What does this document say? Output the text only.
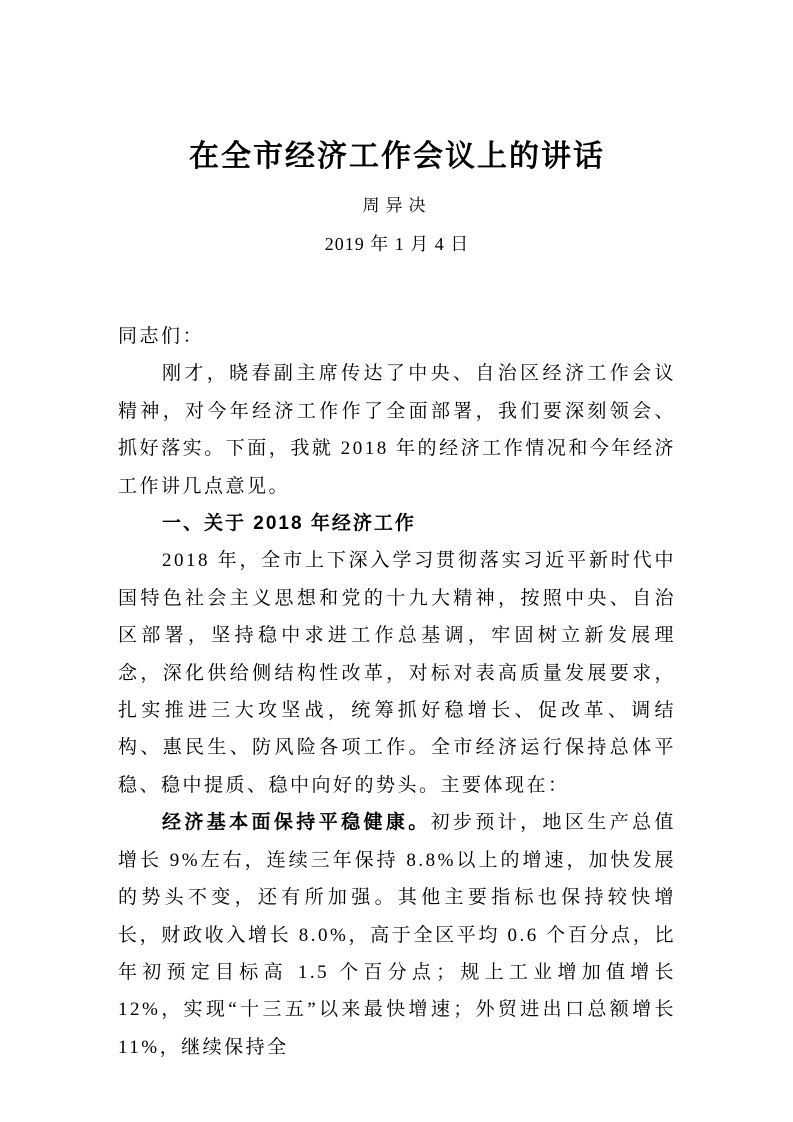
在全市经济工作会议上的讲话
周异决
2019 年 1 月 4 日

同志们：

刚才，晓春副主席传达了中央、自治区经济工作会议精神，对今年经济工作作了全面部署，我们要深刻领会、抓好落实。下面，我就 2018 年的经济工作情况和今年经济工作讲几点意见。

一、关于 2018 年经济工作

2018 年，全市上下深入学习贯彻落实习近平新时代中国特色社会主义思想和党的十九大精神，按照中央、自治区部署，坚持稳中求进工作总基调，牢固树立新发展理念，深化供给侧结构性改革，对标对表高质量发展要求，扎实推进三大攻坚战，统筹抓好稳增长、促改革、调结构、惠民生、防风险各项工作。全市经济运行保持总体平稳、稳中提质、稳中向好的势头。主要体现在：

经济基本面保持平稳健康。初步预计，地区生产总值增长 9%左右，连续三年保持 8.8%以上的增速，加快发展的势头不变，还有所加强。其他主要指标也保持较快增长，财政收入增长 8.0%，高于全区平均 0.6 个百分点，比年初预定目标高 1.5 个百分点；规上工业增加值增长 12%，实现“十三五”以来最快增速；外贸进出口总额增长 11%，继续保持全
